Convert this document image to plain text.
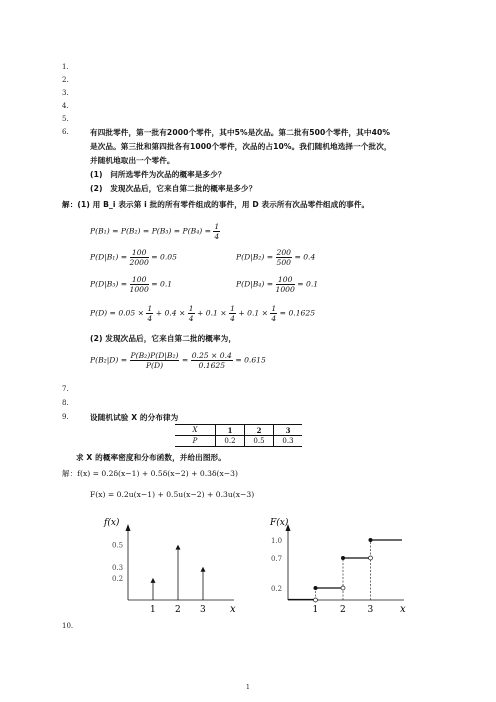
1.
2.
3.
4.
5.
6.	有四批零件，第一批有2000个零件，其中5%是次品。第二批有500个零件，其中40%
是次品。第三批和第四批各有1000个零件，次品的占10%。我们随机地选择一个批次，
并随机地取出一个零件。
(1)　问所选零件为次品的概率是多少？
(2)　发现次品后，它来自第二批的概率是多少？
解：(1) 用 B_i 表示第 i 批的所有零件组成的事件，用 D 表示所有次品零件组成的事件。
$P(B_1) = P(B_2) = P(B_3) = P(B_4) = \frac{1}{4}$
$P(D|B_1) = \frac{100}{2000} = 0.05$	$P(D|B_2) = \frac{200}{500} = 0.4$
$P(D|B_3) = \frac{100}{1000} = 0.1$	$P(D|B_4) = \frac{100}{1000} = 0.1$
$P(D) = 0.05 \times \frac{1}{4} + 0.4 \times \frac{1}{4} + 0.1 \times \frac{1}{4} + 0.1 \times \frac{1}{4} = 0.1625$
(2) 发现次品后，它来自第二批的概率为，
$P(B_2|D) = \frac{\text{P(B₂)P(D|B₂)}}{P(D)} = \frac{0.25 \times 0.4}{0.1625} = 0.615$
7.
8.
9.	设随机试验 X 的分布律为
X	1	2	3
P	0.2	0.5	0.3
求 X 的概率密度和分布函数，并给出图形。
解：f(x) = 0.2δ(x−1) + 0.5δ(x−2) + 0.3δ(x−3)
F(x) = 0.2u(x−1) + 0.5u(x−2) + 0.3u(x−3)
f(x)
1 2 3
0.5
0.3
0.2
x
F(x)
1.0
0.7
0.2
1 2 3	x
10.
1
